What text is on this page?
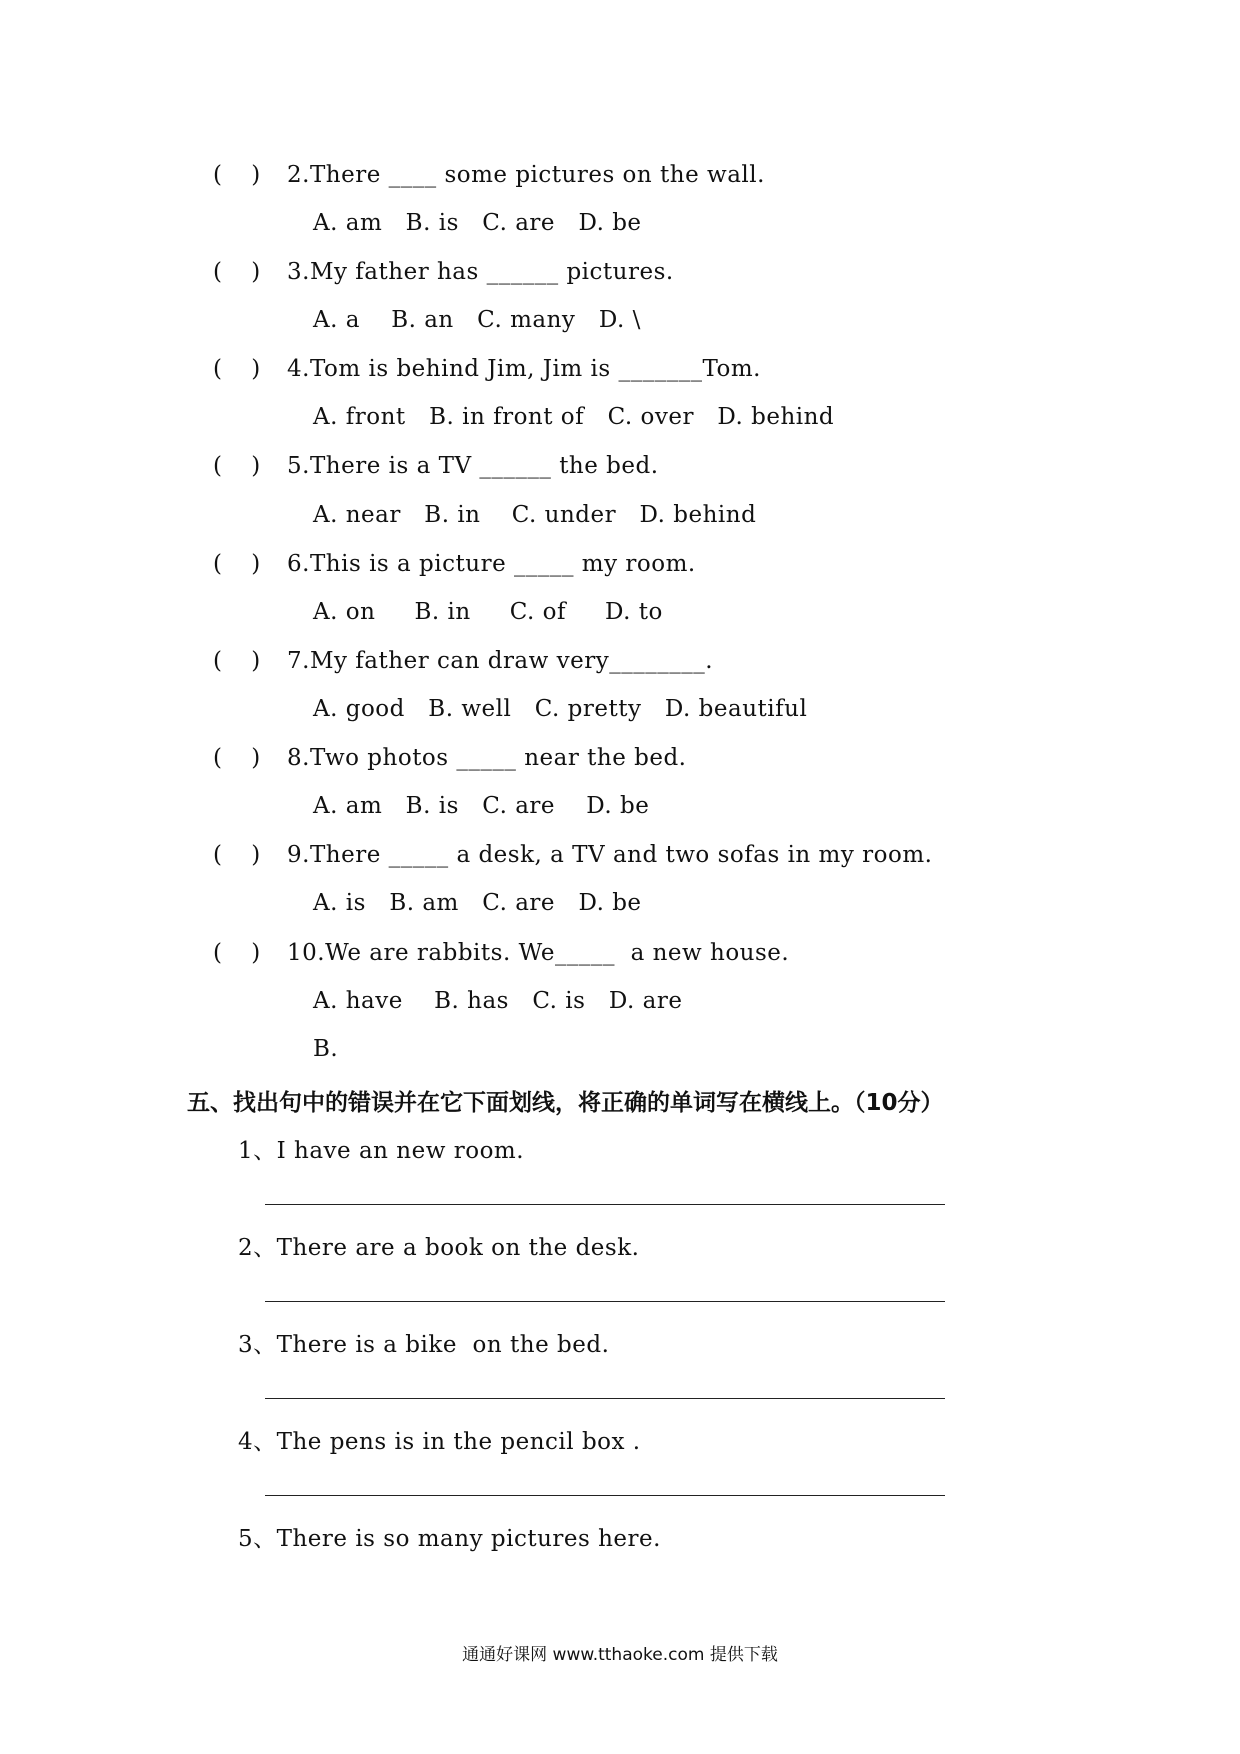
(    ) 2.There ____ some pictures on the wall.
A. am   B. is   C. are   D. be
(    ) 3.My father has ______ pictures.
A. a    B. an   C. many   D. \
(    ) 4.Tom is behind Jim, Jim is _______Tom.
A. front   B. in front of   C. over   D. behind
(    ) 5.There is a TV ______ the bed.
A. near   B. in    C. under   D. behind
(    ) 6.This is a picture _____ my room.
A. on     B. in     C. of     D. to
(    ) 7.My father can draw very________.
A. good   B. well   C. pretty   D. beautiful
(    ) 8.Two photos _____ near the bed.
A. am   B. is   C. are    D. be
(    ) 9.There _____ a desk, a TV and two sofas in my room.
A. is   B. am   C. are   D. be
(    ) 10.We are rabbits. We_____  a new house.
A. have    B. has   C. is   D. are
B.
五、找出句中的错误并在它下面划线，将正确的单词写在横线上。（10分）
1、I have an new room.
2、There are a book on the desk.
3、There is a bike  on the bed.
4、The pens is in the pencil box .
5、There is so many pictures here.
通通好课网 www.tthaoke.com 提供下载
